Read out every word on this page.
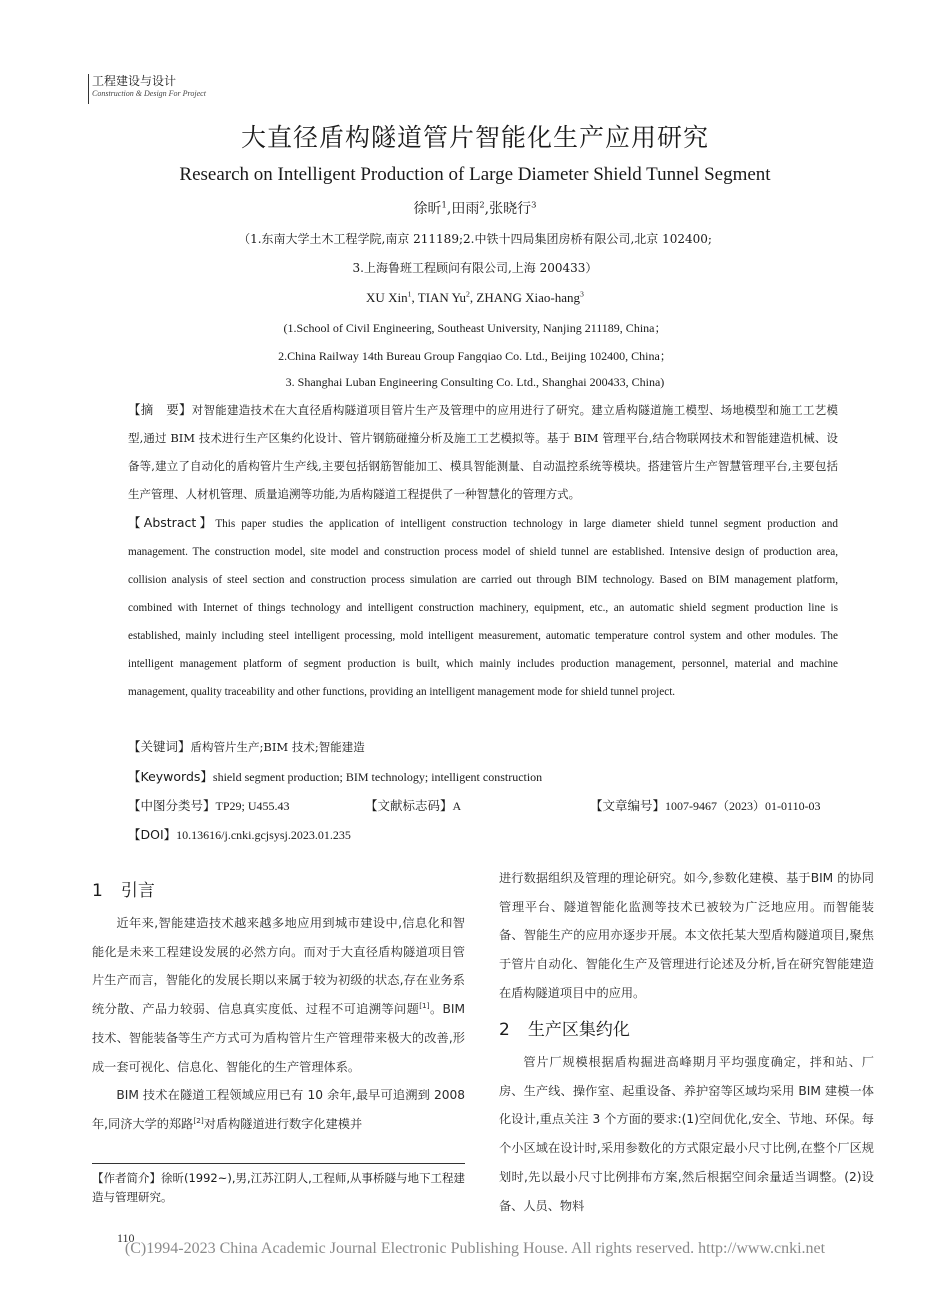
工程建设与设计
Construction & Design For Project
大直径盾构隧道管片智能化生产应用研究
Research on Intelligent Production of Large Diameter Shield Tunnel Segment
徐昕$^1$,田雨$^2$,张晓行$^3$
（1.东南大学土木工程学院,南京 211189;2.中铁十四局集团房桥有限公司,北京 102400;
3.上海鲁班工程顾问有限公司,上海 200433）
XU Xin$^1$, TIAN Yu$^2$, ZHANG Xiao-hang$^3$
(1.School of Civil Engineering, Southeast University, Nanjing 211189, China；
2.China Railway 14th Bureau Group Fangqiao Co. Ltd., Beijing 102400, China；
3. Shanghai Luban Engineering Consulting Co. Ltd., Shanghai 200433, China)
【摘　要】对智能建造技术在大直径盾构隧道项目管片生产及管理中的应用进行了研究。建立盾构隧道施工模型、场地模型和施工工艺模型,通过 BIM 技术进行生产区集约化设计、管片钢筋碰撞分析及施工工艺模拟等。基于 BIM 管理平台,结合物联网技术和智能建造机械、设备等,建立了自动化的盾构管片生产线,主要包括钢筋智能加工、模具智能测量、自动温控系统等模块。搭建管片生产智慧管理平台,主要包括生产管理、人材机管理、质量追溯等功能,为盾构隧道工程提供了一种智慧化的管理方式。
【Abstract】This paper studies the application of intelligent construction technology in large diameter shield tunnel segment production and management. The construction model, site model and construction process model of shield tunnel are established. Intensive design of production area, collision analysis of steel section and construction process simulation are carried out through BIM technology. Based on BIM management platform, combined with Internet of things technology and intelligent construction machinery, equipment, etc., an automatic shield segment production line is established, mainly including steel intelligent processing, mold intelligent measurement, automatic temperature control system and other modules. The intelligent management platform of segment production is built, which mainly includes production management, personnel, material and machine management, quality traceability and other functions, providing an intelligent management mode for shield tunnel project.
【关键词】盾构管片生产;BIM 技术;智能建造
【Keywords】shield segment production; BIM technology; intelligent construction
【中图分类号】TP29; U455.43	【文献标志码】A	【文章编号】1007-9467（2023）01-0110-03
【DOI】10.13616/j.cnki.gcjsysj.2023.01.235
1 引言

近年来,智能建造技术越来越多地应用到城市建设中,信息化和智能化是未来工程建设发展的必然方向。而对于大直径盾构隧道项目管片生产而言，智能化的发展长期以来属于较为初级的状态,存在业务系统分散、产品力较弱、信息真实度低、过程不可追溯等问题[1]。BIM 技术、智能装备等生产方式可为盾构管片生产管理带来极大的改善,形成一套可视化、信息化、智能化的生产管理体系。

BIM 技术在隧道工程领域应用已有 10 余年,最早可追溯到 2008 年,同济大学的郑路[2]对盾构隧道进行数字化建模并

【作者简介】徐昕(1992~),男,江苏江阴人,工程师,从事桥隧与地下工程建造与管理研究。
进行数据组织及管理的理论研究。如今,参数化建模、基于BIM 的协同管理平台、隧道智能化监测等技术已被较为广泛地应用。而智能装备、智能生产的应用亦逐步开展。本文依托某大型盾构隧道项目,聚焦于管片自动化、智能化生产及管理进行论述及分析,旨在研究智能建造在盾构隧道项目中的应用。
2 生产区集约化

管片厂规模根据盾构掘进高峰期月平均强度确定，拌和站、厂房、生产线、操作室、起重设备、养护窑等区域均采用 BIM 建模一体化设计,重点关注 3 个方面的要求:(1)空间优化,安全、节地、环保。每个小区域在设计时,采用参数化的方式限定最小尺寸比例,在整个厂区规划时,先以最小尺寸比例排布方案,然后根据空间余量适当调整。(2)设备、人员、物料

110
(C)1994-2023 China Academic Journal Electronic Publishing House. All rights reserved. http://www.cnki.net
